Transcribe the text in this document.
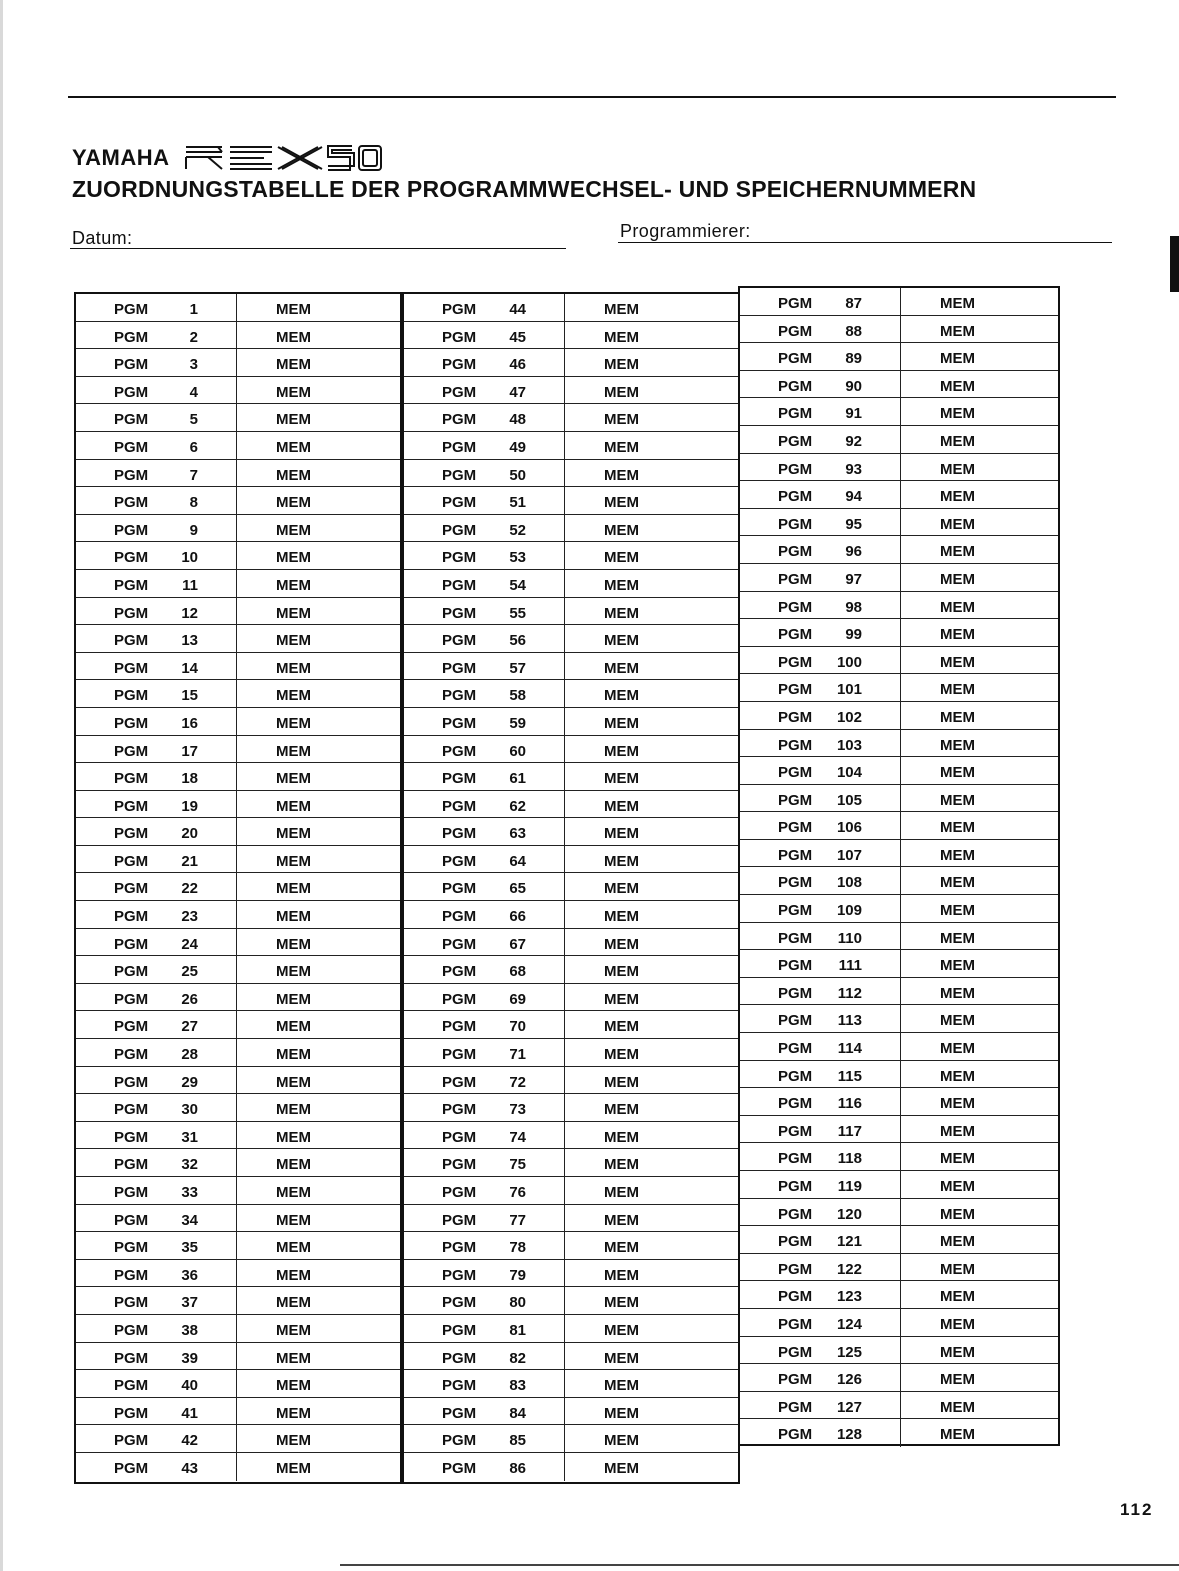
YAMAHA
REX50
ZUORDNUNGSTABELLE DER PROGRAMMWECHSEL- UND SPEICHERNUMMERN
Datum:	Programmierer:
PGM	1	MEM
PGM	2	MEM
PGM	3	MEM
PGM	4	MEM
PGM	5	MEM
PGM	6	MEM
PGM	7	MEM
PGM	8	MEM
PGM	9	MEM
PGM	10	MEM
PGM	11	MEM
PGM	12	MEM
PGM	13	MEM
PGM	14	MEM
PGM	15	MEM
PGM	16	MEM
PGM	17	MEM
PGM	18	MEM
PGM	19	MEM
PGM	20	MEM
PGM	21	MEM
PGM	22	MEM
PGM	23	MEM
PGM	24	MEM
PGM	25	MEM
PGM	26	MEM
PGM	27	MEM
PGM	28	MEM
PGM	29	MEM
PGM	30	MEM
PGM	31	MEM
PGM	32	MEM
PGM	33	MEM
PGM	34	MEM
PGM	35	MEM
PGM	36	MEM
PGM	37	MEM
PGM	38	MEM
PGM	39	MEM
PGM	40	MEM
PGM	41	MEM
PGM	42	MEM
PGM	43	MEM
PGM	44	MEM
PGM	45	MEM
PGM	46	MEM
PGM	47	MEM
PGM	48	MEM
PGM	49	MEM
PGM	50	MEM
PGM	51	MEM
PGM	52	MEM
PGM	53	MEM
PGM	54	MEM
PGM	55	MEM
PGM	56	MEM
PGM	57	MEM
PGM	58	MEM
PGM	59	MEM
PGM	60	MEM
PGM	61	MEM
PGM	62	MEM
PGM	63	MEM
PGM	64	MEM
PGM	65	MEM
PGM	66	MEM
PGM	67	MEM
PGM	68	MEM
PGM	69	MEM
PGM	70	MEM
PGM	71	MEM
PGM	72	MEM
PGM	73	MEM
PGM	74	MEM
PGM	75	MEM
PGM	76	MEM
PGM	77	MEM
PGM	78	MEM
PGM	79	MEM
PGM	80	MEM
PGM	81	MEM
PGM	82	MEM
PGM	83	MEM
PGM	84	MEM
PGM	85	MEM
PGM	86	MEM
PGM	87	MEM
PGM	88	MEM
PGM	89	MEM
PGM	90	MEM
PGM	91	MEM
PGM	92	MEM
PGM	93	MEM
PGM	94	MEM
PGM	95	MEM
PGM	96	MEM
PGM	97	MEM
PGM	98	MEM
PGM	99	MEM
PGM	100	MEM
PGM	101	MEM
PGM	102	MEM
PGM	103	MEM
PGM	104	MEM
PGM	105	MEM
PGM	106	MEM
PGM	107	MEM
PGM	108	MEM
PGM	109	MEM
PGM	110	MEM
PGM	111	MEM
PGM	112	MEM
PGM	113	MEM
PGM	114	MEM
PGM	115	MEM
PGM	116	MEM
PGM	117	MEM
PGM	118	MEM
PGM	119	MEM
PGM	120	MEM
PGM	121	MEM
PGM	122	MEM
PGM	123	MEM
PGM	124	MEM
PGM	125	MEM
PGM	126	MEM
PGM	127	MEM
PGM	128	MEM
112
